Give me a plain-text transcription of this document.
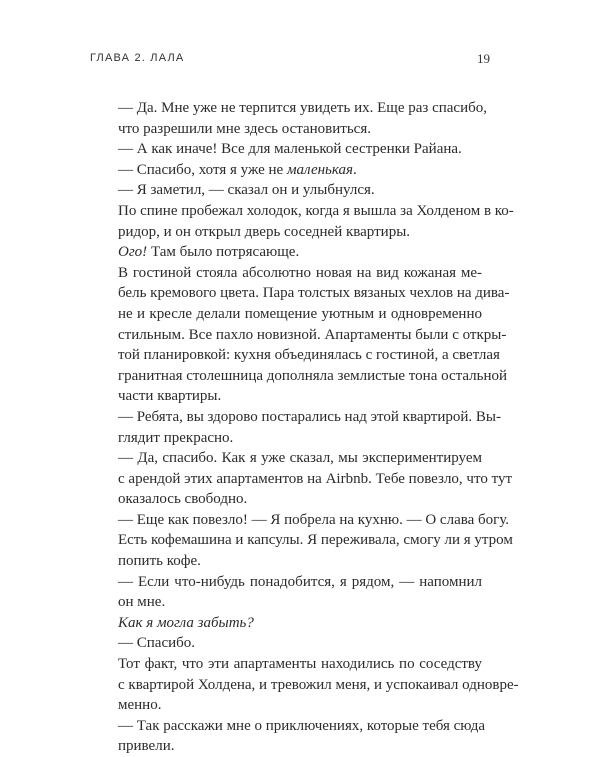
ГЛАВА 2. ЛАЛА	19

— Да. Мне уже не терпится увидеть их. Еще раз спасибо,
что разрешили мне здесь остановиться.

— А как иначе! Все для маленькой сестренки Райана.

— Спасибо, хотя я уже не маленькая.

— Я заметил, — сказал он и улыбнулся.

По спине пробежал холодок, когда я вышла за Холденом в ко-
ридор, и он открыл дверь соседней квартиры.

Ого! Там было потрясающе.

В гостиной стояла абсолютно новая на вид кожаная ме-
бель кремового цвета. Пара толстых вязаных чехлов на дива-
не и кресле делали помещение уютным и одновременно
стильным. Все пахло новизной. Апартаменты были с откры-
той планировкой: кухня объединялась с гостиной, а светлая
гранитная столешница дополняла землистые тона остальной
части квартиры.

— Ребята, вы здорово постарались над этой квартирой. Вы-
глядит прекрасно.

— Да, спасибо. Как я уже сказал, мы экспериментируем
с арендой этих апартаментов на Airbnb. Тебе повезло, что тут
оказалось свободно.

— Еще как повезло! — Я побрела на кухню. — О слава богу.
Есть кофемашина и капсулы. Я переживала, смогу ли я утром
попить кофе.

— Если что-нибудь понадобится, я рядом, — напомнил
он мне.

Как я могла забыть?

— Спасибо.

Тот факт, что эти апартаменты находились по соседству
с квартирой Холдена, и тревожил меня, и успокаивал одновре-
менно.

— Так расскажи мне о приключениях, которые тебя сюда
привели.
